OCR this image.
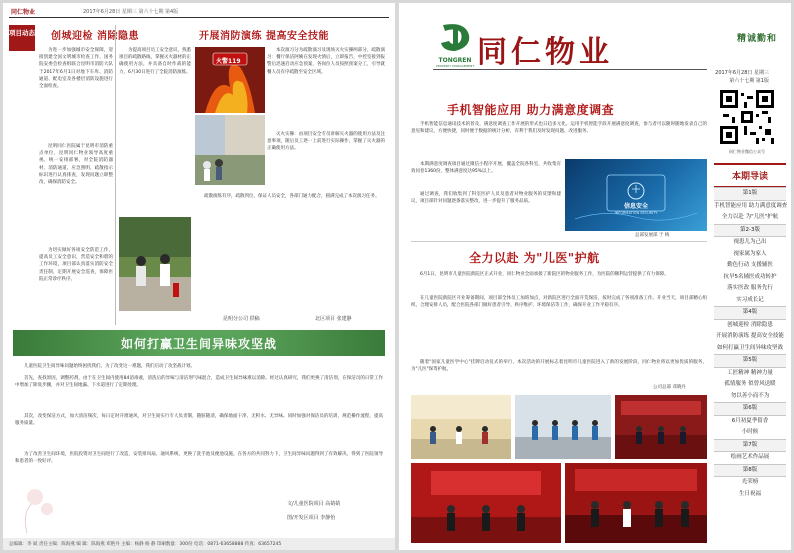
同仁物业	2017年6月28日 星期三 第六十七期 第4版
项目动态 创城迎检 消除隐患
为进一步加强城市安全保障，迎接创建全国文明城市检查工作，国务院安委会检查组联合昆明市消防大队于2017年6月1日对地下车库、消防通道、配电室及各楼层消防设施进行全面检查。
昆明同仁医院属于昆明市消防重点单位，昆明同仁物业领导高度重视，统一安排部署，对全院消防器材、消防通道、应急照明、疏散指示标识进行认真排查，发现问题立即整改，确保消防安全。
为切实做好各项安全防范工作，提高员工安全意识，营造安全和谐的工作环境，项目部认真落实消防安全责任制，定期开展安全巡查，保障医院正常诊疗秩序。
开展消防演练 提高安全技能
为提高项目员工安全意识，熟悉项目的疏散路线，掌握灭火器材的正确使用方法，并具备自时作战的能力，6月30日进行了全院消防演练。
火警119
本次演习分为疏散演习及现场灭火实操两部分，疏散演习：餐厅保洁阿姨在发现火情后，立即报告，中控室接到报警后迅速启动应急预案，各岗位人员按照预案分工，引导就餐人员有序疏散至安全区域。
灭火实操：由项目安全专员讲解灭火器的使用方法及注意事项，随后员工逐一上前进行实际操作，掌握了灭火器的正确使用方法。
疏散演练有序，疏散到位，保证人员安全，各部门通力配合，圆满完成了本次演习任务。
昆明分公司 供稿	北区项目 张建静
如何打赢卫生间异味攻坚战
儿童医院卫生间异味问题始终困扰我们，为了改变这一难题，我们启动了攻坚战计划。
首先，查找原因，调整药剂，由于在卫生间内使用84消毒液，清洗后的异味与清洁剂气味混合，造成卫生间异味难以消除。经过认真研究，我们更换了清洁剂，在保洁员的日常工作中增加了除臭步骤，并对卫生间地漏、下水道进行了定期处理。
其次，改变保洁方式，加大清洁频次，每日定时开窗通风，对卫生间实行专人负责制，随脏随清，确保地面干净、无积水、无异味。同时加强对保洁员的培训，规范操作流程，提高服务质量。
为了改善卫生间环境，医院投资对卫生间进行了改造，安装排风扇、通风系统，更换了洗手池及便池设施。在各方的共同努力下，卫生间异味问题得到了有效解决，得到了医院领导和患者的一致好评。
文/儿童医院项目 高婧婧
图/开发区项目 李静怡
总编辑：李 斌 责任主编：陈海燕 编 辑：陈海燕 邓艳丹 主编：杨静 杨 静 印刷数量：300份 电话：0871-63658888 传真：63657245
TONGREN
PROPERTY MANAGEMENT 同仁物业	精诚勤和
2017年6月28日 星期三
第六十七期 第1版
同仁物业微信公众号
手机智能应用 助力满意度调查
手机智能信息通讯技术的普及，满意度调查工作开展的形式也日趋多元化。运用手机智能手段开展满意度调查，参与者可以随时随地发表自己的意见和建议，方便快捷，同时便于数据的统计分析，有利于我们及时发现问题、改进服务。
本期满意度调查项目通过微信小程序开展，覆盖全院各科室，共收集有效问卷1360份，整体满意度达95%以上。
通过调查，我们收集到了科室医护人员及患者对物业服务的反馈和建议，项目部针对问题逐条落实整改，进一步提升了服务品质。
信息安全
INFORMATION SECURITY
总部发展部 于 梅
全力以赴 为"儿医"护航
6月1日，昆明市儿童医院新院区正式开业，同仁物业全面承接了新院区的物业服务工作，为医院的顺利运营提供了有力保障。
在儿童医院新院区开业筹备期间，项目部全体员工加班加点，对新院区进行全面开荒保洁，按时完成了各项准备工作。开业当天，项目部精心组织，合理安排人员，配合医院各部门做好患者引导、秩序维护、环境保洁等工作，确保开业工作平稳有序。
随着"国家儿童医学中心"挂牌启动仪式的举行，本次活动的开展标志着昆明市儿童医院进入了新的发展阶段，同仁物业将以更加优质的服务，为"儿医"保驾护航。
公司总部 邓晓丹
本期导读
第1版
手机智能应用 助力满意度调查
全力以赴 为"儿医"护航
第2-3版
视患儿为己出
视家属为家人
勤色行动 支援辅医
抗旱5名辅医成功转护
落实医改 服务先行
实习成长记
第4版
创城迎检 消除隐患
开展消防演练 提高安全技能
如何打赢卫生间异味攻坚战
第5版
工匠精神 精神力量
孤情服务 似曾风送暖
勿以善小而不为
第6版
6月初夏季留香
小时候
第7版
绘画艺术作品展
第8版
光荣榜
生日祝福
